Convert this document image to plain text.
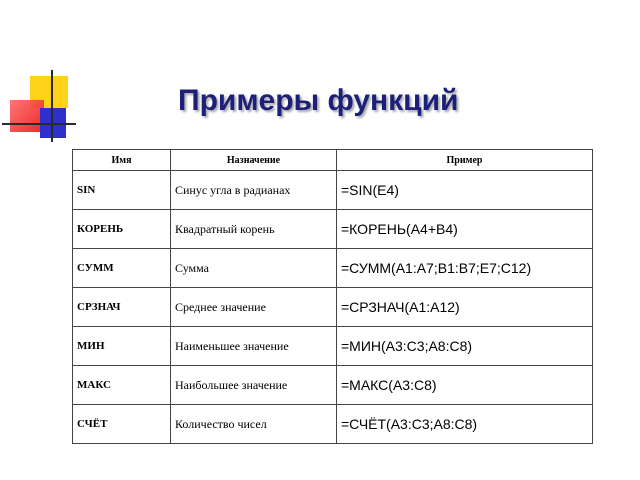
Примеры функций
Имя	Назначение	Пример
SIN	Синус угла в радианах	=SIN(E4)
КОРЕНЬ	Квадратный корень	=КОРЕНЬ(A4+B4)
СУММ	Сумма	=СУММ(A1:A7;B1:B7;E7;C12)
СРЗНАЧ	Среднее значение	=СРЗНАЧ(A1:A12)
МИН	Наименьшее значение	=МИН(A3:C3;A8:C8)
МАКС	Наибольшее значение	=МАКС(A3:C8)
СЧЁТ	Количество чисел	=СЧЁТ(A3:C3;A8:C8)
